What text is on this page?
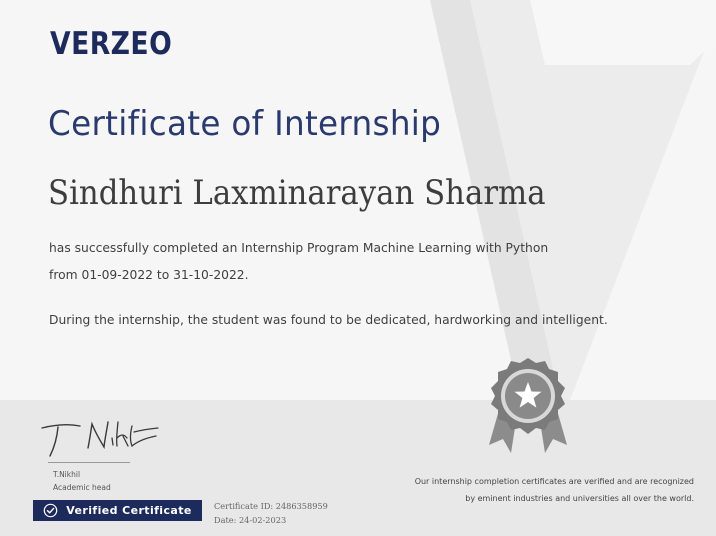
VERZEO
Certificate of Internship
Sindhuri Laxminarayan Sharma

has successfully completed an Internship Program Machine Learning with Python

from 01-09-2022 to 31-10-2022.

During the internship, the student was found to be dedicated, hardworking and intelligent.

T.Nikhil

Academic head

Verified Certificate	Certificate ID: 2486358959

Date: 24-02-2023

Our internship completion certificates are verified and are recognized

by eminent industries and universities all over the world.
